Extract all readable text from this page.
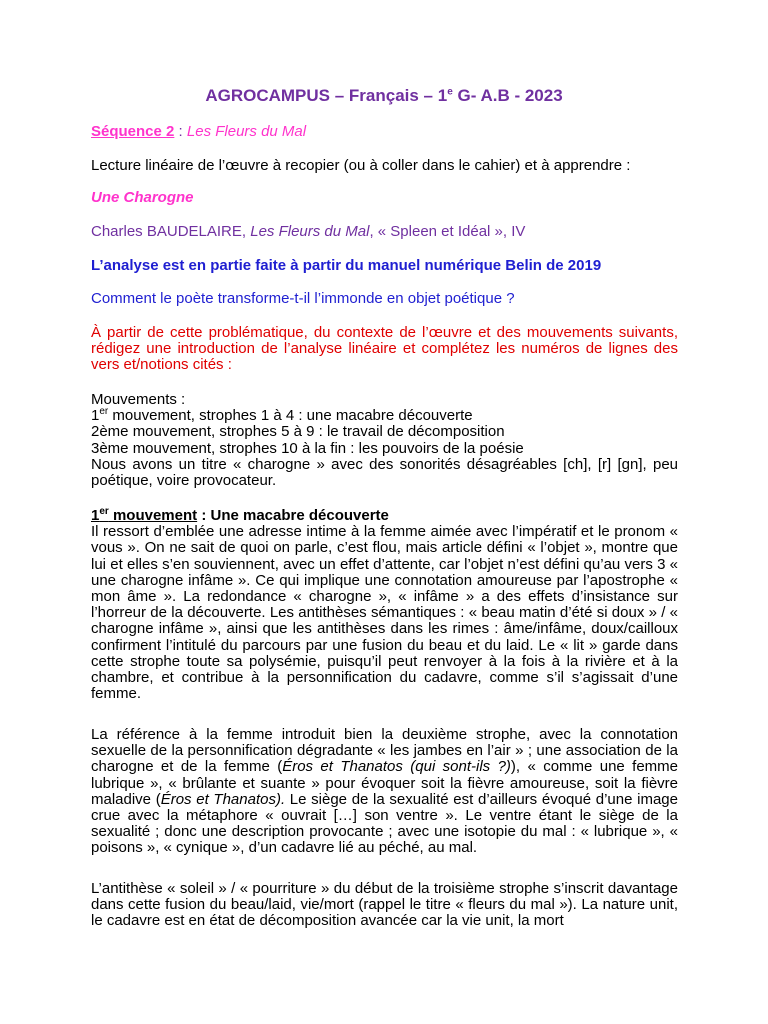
AGROCAMPUS – Français – 1e G- A.B - 2023

Séquence 2 : Les Fleurs du Mal

Lecture linéaire de l’œuvre à recopier (ou à coller dans le cahier) et à apprendre :

Une Charogne

Charles BAUDELAIRE, Les Fleurs du Mal, « Spleen et Idéal », IV

L’analyse est en partie faite à partir du manuel numérique Belin de 2019

Comment le poète transforme-t-il l’immonde en objet poétique ?

À partir de cette problématique, du contexte de l’œuvre et des mouvements suivants, rédigez une introduction de l’analyse linéaire et complétez les numéros de lignes des vers et/notions cités :

Mouvements :
1er mouvement, strophes 1 à 4 : une macabre découverte
2ème mouvement, strophes 5 à 9 : le travail de décomposition
3ème mouvement, strophes 10 à la fin : les pouvoirs de la poésie
Nous avons un titre « charogne » avec des sonorités désagréables [ch], [r] [gn], peu poétique, voire provocateur.
1er mouvement : Une macabre découverte
Il ressort d’emblée une adresse intime à la femme aimée avec l’impératif et le pronom « vous ». On ne sait de quoi on parle, c’est flou, mais article défini « l’objet », montre que lui et elles s’en souviennent, avec un effet d’attente, car l’objet n’est défini qu’au vers 3 « une charogne infâme ». Ce qui implique une connotation amoureuse par l’apostrophe « mon âme ». La redondance « charogne », « infâme » a des effets d’insistance sur l’horreur de la découverte. Les antithèses sémantiques : « beau matin d’été si doux » / « charogne infâme », ainsi que les antithèses dans les rimes : âme/infâme, doux/cailloux confirment l’intitulé du parcours par une fusion du beau et du laid. Le « lit » garde dans cette strophe toute sa polysémie, puisqu’il peut renvoyer à la fois à la rivière et à la chambre, et contribue à la personnification du cadavre, comme s’il s’agissait d’une femme.
La référence à la femme introduit bien la deuxième strophe, avec la connotation sexuelle de la personnification dégradante « les jambes en l’air » ; une association de la charogne et de la femme (Éros et Thanatos (qui sont-ils ?)), « comme une femme lubrique », « brûlante et suante » pour évoquer soit la fièvre amoureuse, soit la fièvre maladive (Éros et Thanatos). Le siège de la sexualité est d’ailleurs évoqué d’une image crue avec la métaphore « ouvrait […] son ventre ». Le ventre étant le siège de la sexualité ; donc une description provocante ; avec une isotopie du mal : « lubrique », « poisons », « cynique », d’un cadavre lié au péché, au mal.
L’antithèse « soleil » / « pourriture » du début de la troisième strophe s’inscrit davantage dans cette fusion du beau/laid, vie/mort (rappel le titre « fleurs du mal »). La nature unit, le cadavre est en état de décomposition avancée car la vie unit, la mort
